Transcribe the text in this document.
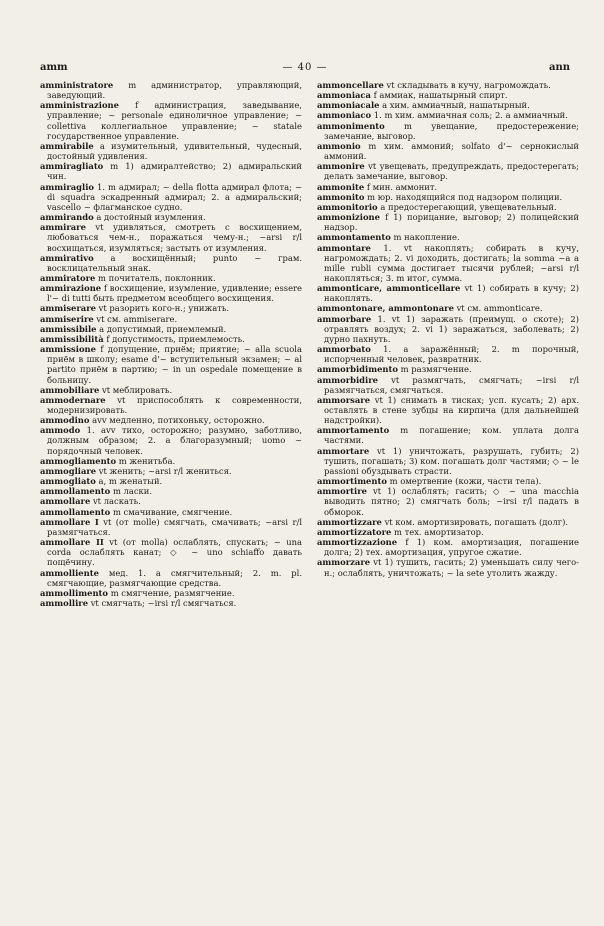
amm	— 40 —	ann

amministratore m администратор, управляющий, заведующий.

amministrazione f администрация, заведывание, управление; ~ personale единоличное управление; ~ collettiva коллегиальное управление; ~ statale государственное управление.

ammirabile a изумительный, удивительный, чудесный, достойный удивления.

ammiragliato m 1) адмиралтейство; 2) адмиральский чин.

ammiraglio 1. m адмирал; ~ della flotta адмирал флота; ~ di squadra эскадренный адмирал; 2. a адмиральский; vascello ~ флагманское судно.

ammirando a достойный изумления.

ammirare vt удивляться, смотреть с восхищением, любоваться чем-н., поражаться чему-н.; ~arsi r/l восхищаться, изумляться; застыть от изумления.

ammirativo a восхищённый; punto ~ грам. восклицательный знак.

ammiratore m почитатель, поклонник.

ammirazione f восхищение, изумление, удивление; essere l'~ di tutti быть предметом всеобщего восхищения.

ammiserare vt разорить кого-н.; унижать.

ammiserire vt см. ammiserare.

ammissibile a допустимый, приемлемый.

ammissibilità f допустимость, приемлемость.

ammissione f допущение, приём; приятие; ~ alla scuola приём в школу; esame d'~ вступительный экзамен; ~ al partito приём в партию; ~ in un ospedale помещение в больницу.

ammobiliare vt меблировать.

ammodernare vt приспособлять к современности, модернизировать.

ammodino avv медленно, потихоньку, осторожно.

ammodo 1. avv тихо, осторожно; разумно, заботливо, должным образом; 2. a благоразумный; uomo ~ порядочный человек.

ammogliamento m женитьба.

ammogliare vt женить; ~arsi r/l жениться.

ammogliato a, m женатый.

ammollamento m ласки.

ammollare vt ласкать.

ammollamento m смачивание, смягчение.

ammollare I vt (от molle) смягчать, смачивать; ~arsi r/l размягчаться.

ammollare II vt (от molla) ослаблять, спускать; ~ una corda ослаблять канат; ◇ ~ uno schiaffo давать пощёчину.

ammolliente мед. 1. a смягчительный; 2. m. pl. смягчающие, размягчающие средства.

ammollimento m смягчение, размягчение.

ammollire vt смягчать; ~irsi r/l смягчаться.

ammoncellare vt складывать в кучу, нагромождать.

ammoniaca f аммиак, нашатырный спирт.

ammoniacale a хим. аммиачный, нашатырный.

ammoniaco 1. m хим. аммиачная соль; 2. a аммиачный.

ammonimento m увещание, предостережение; замечание, выговор.

ammonio m хим. аммоний; solfato d'~ сернокислый аммоний.

ammonire vt увещевать, предупреждать, предостерегать; делать замечание, выговор.

ammonite f мин. аммонит.

ammonito m юр. находящийся под надзором полиции.

ammonitorio a предостерегающий, увещевательный.

ammonizione f 1) порицание, выговор; 2) полицейский надзор.

ammontamento m накопление.

ammontare 1. vt накоплять; собирать в кучу, нагромождать; 2. vi доходить, достигать; la somma ~a a mille rubli сумма достигает тысячи рублей; ~arsi r/l накопляться; 3. m итог, сумма.

ammonticare, ammonticellare vt 1) собирать в кучу; 2) накоплять.

ammontonare, ammontonare vt см. ammonticare.

ammorbare 1. vt 1) заражать (преимущ. о скоте); 2) отравлять воздух; 2. vi 1) заражаться, заболевать; 2) дурно пахнуть.

ammorbato 1. a заражённый; 2. m порочный, испорченный человек, развратник.

ammorbidimento m размягчение.

ammorbidire vt размягчать, смягчать; ~irsi r/l размягчаться, смягчаться.

ammorsare vt 1) снимать в тисках; усп. кусать; 2) арх. оставлять в стене зубцы на кирпича (для дальнейшей надстройки).

ammortamento m погашение; ком. уплата долга частями.

ammortare vt 1) уничтожать, разрушать, губить; 2) тушить, погашать; 3) ком. погашать долг частями; ◇ ~ le passioni обуздывать страсти.

ammortimento m омертвение (кожи, части тела).

ammortire vt 1) ослаблять; гасить; ◇ ~ una macchia выводить пятно; 2) смягчать боль; ~irsi r/l падать в обморок.

ammortizzare vt ком. амортизировать, погашать (долг).

ammortizzatore m тех. амортизатор.

ammortizzazione f 1) ком. амортизация, погашение долга; 2) тех. амортизация, упругое сжатие.

ammorzare vt 1) тушить, гасить; 2) уменьшать силу чего-н.; ослаблять, уничтожать; ~ la sete утолить жажду.
